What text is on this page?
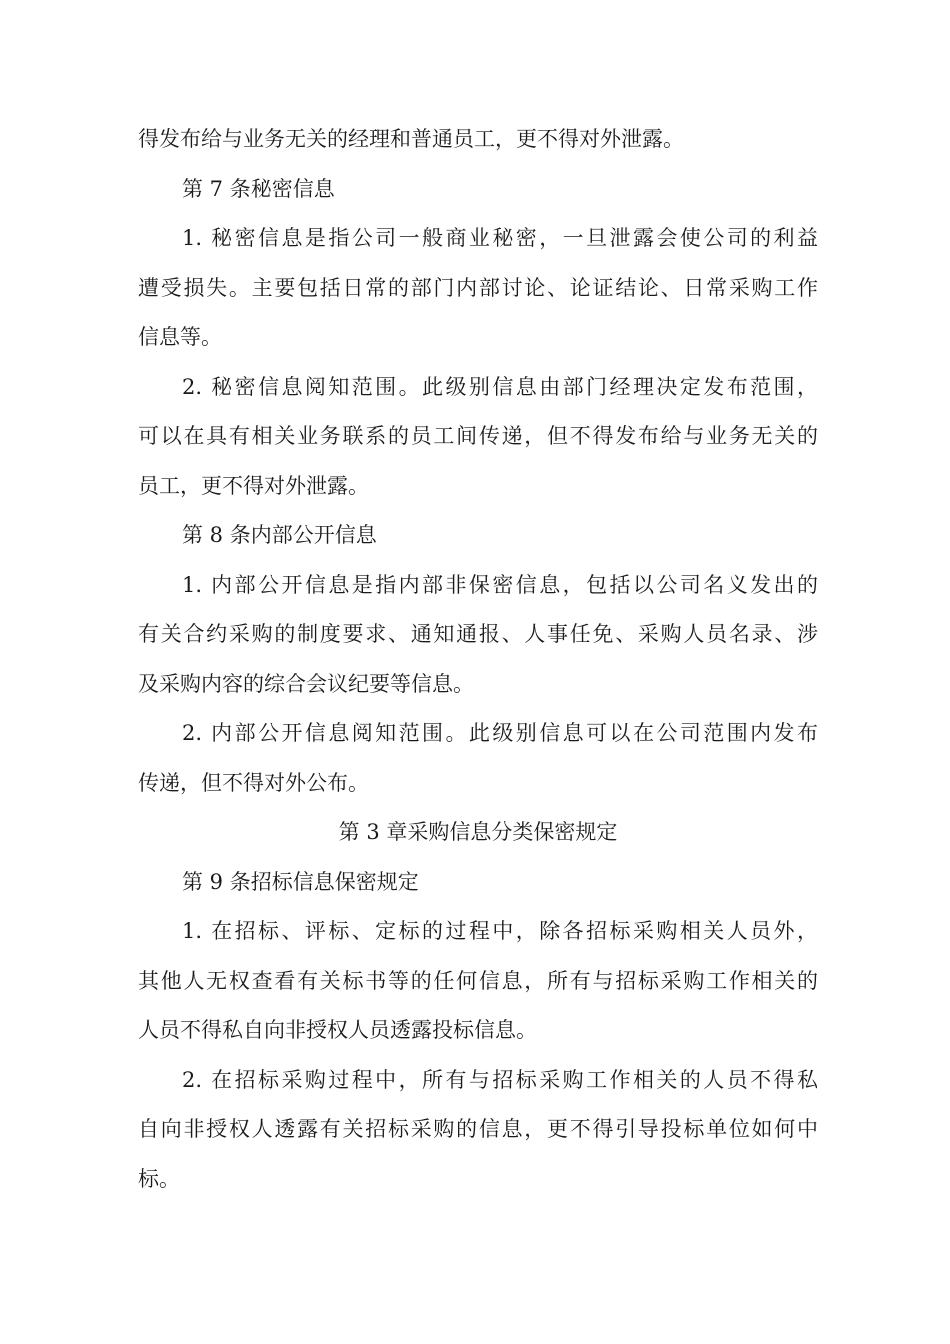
得发布给与业务无关的经理和普通员工，更不得对外泄露。
第 7 条秘密信息
1. 秘密信息是指公司一般商业秘密，一旦泄露会使公司的利益
遭受损失。主要包括日常的部门内部讨论、论证结论、日常采购工作
信息等。
2. 秘密信息阅知范围。此级别信息由部门经理决定发布范围，
可以在具有相关业务联系的员工间传递，但不得发布给与业务无关的
员工，更不得对外泄露。
第 8 条内部公开信息
1. 内部公开信息是指内部非保密信息，包括以公司名义发出的
有关合约采购的制度要求、通知通报、人事任免、采购人员名录、涉
及采购内容的综合会议纪要等信息。
2. 内部公开信息阅知范围。此级别信息可以在公司范围内发布
传递，但不得对外公布。
第 3 章采购信息分类保密规定
第 9 条招标信息保密规定
1. 在招标、评标、定标的过程中，除各招标采购相关人员外，
其他人无权查看有关标书等的任何信息，所有与招标采购工作相关的
人员不得私自向非授权人员透露投标信息。
2. 在招标采购过程中，所有与招标采购工作相关的人员不得私
自向非授权人透露有关招标采购的信息，更不得引导投标单位如何中
标。
